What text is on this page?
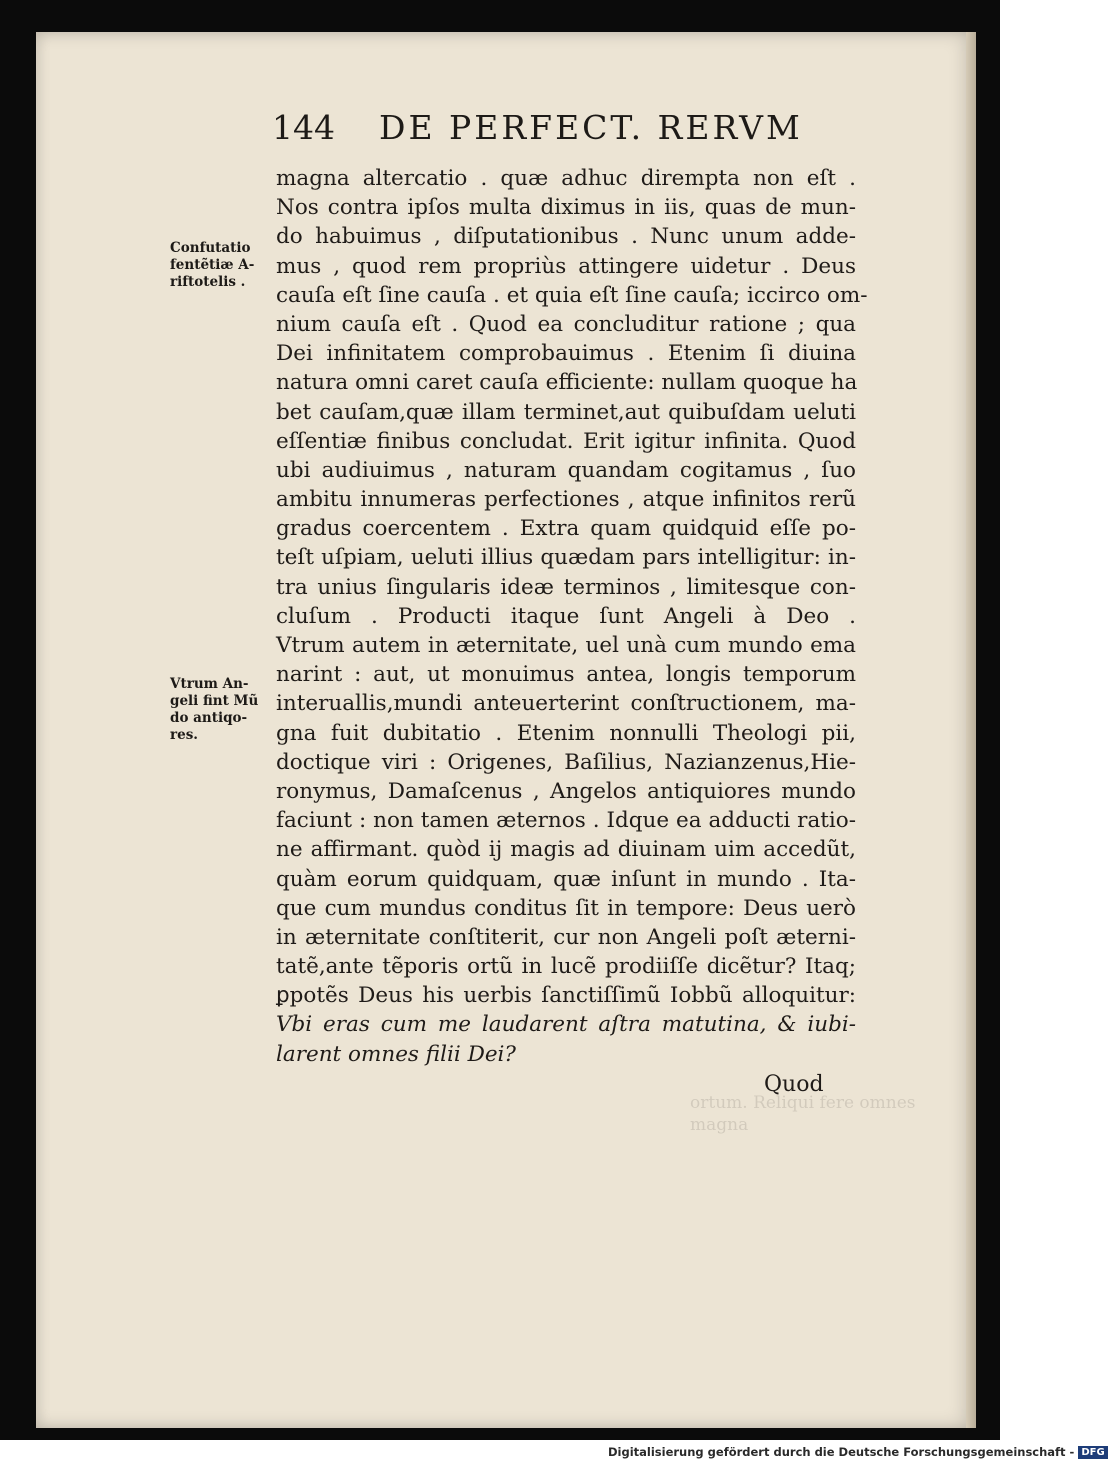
144 DE PERFECT. RERVM
Confutatio
fentẽtiæ A-
riftotelis .
Vtrum An-
geli fint Mũ
do antiqo-
res.
magna altercatio . quæ adhuc dirempta non eſt .
Nos contra ipſos multa diximus in iis, quas de mun-
do habuimus , diſputationibus . Nunc unum adde-
mus , quod rem propriùs attingere uidetur . Deus
cauſa eſt ſine cauſa . et quia eſt ſine cauſa; iccirco om-
nium cauſa eſt . Quod ea concluditur ratione ; qua
Dei infinitatem comprobauimus . Etenim ſi diuina
natura omni caret cauſa efficiente: nullam quoque ha
bet cauſam,quæ illam terminet,aut quibuſdam ueluti
eſſentiæ finibus concludat. Erit igitur infinita. Quod
ubi audiuimus , naturam quandam cogitamus , ſuo
ambitu innumeras perfectiones , atque infinitos rerũ
gradus coercentem . Extra quam quidquid eſſe po-
teſt uſpiam, ueluti illius quædam pars intelligitur: in-
tra unius ſingularis ideæ terminos , limitesque con-
cluſum . Producti itaque ſunt Angeli à Deo .
Vtrum autem in æternitate, uel unà cum mundo ema
narint : aut, ut monuimus antea, longis temporum
interuallis,mundi anteuerterint conſtructionem, ma-
gna fuit dubitatio . Etenim nonnulli Theologi pii,
doctique viri : Origenes, Baſilius, Nazianzenus,Hie-
ronymus, Damaſcenus , Angelos antiquiores mundo
faciunt : non tamen æternos . Idque ea adducti ratio-
ne affirmant. quòd ij magis ad diuinam uim accedũt,
quàm eorum quidquam, quæ inſunt in mundo . Ita-
que cum mundus conditus ſit in tempore: Deus uerò
in æternitate conſtiterit, cur non Angeli poſt æterni-
tatẽ,ante tẽporis ortũ in lucẽ prodiiſſe dicẽtur? Itaq;
ꝑpotẽs Deus his uerbis ſanctiſſimũ Iobbũ alloquitur:
Vbi eras cum me laudarent aſtra matutina, & iubi-
larent omnes filii Dei?
Quod
ortum. Reliqui fere omnes
magna
Digitalisierung gefördert durch die Deutsche Forschungsgemeinschaft - DFG
